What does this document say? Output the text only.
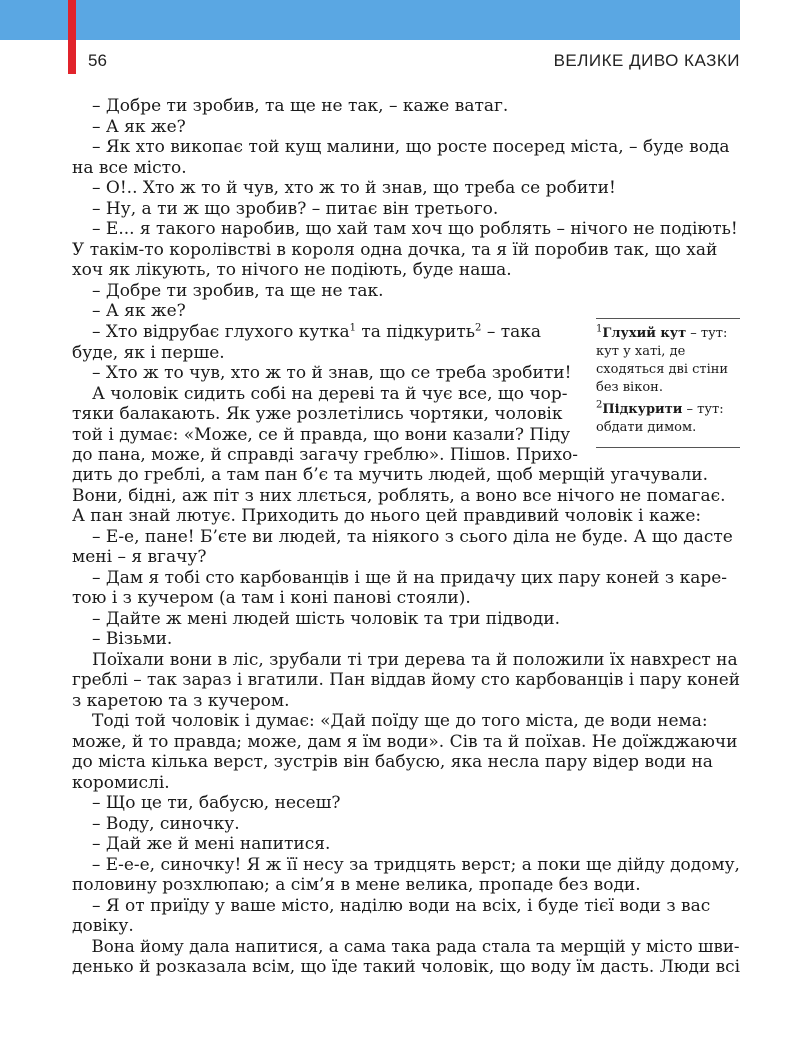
56	ВЕЛИКЕ ДИВО КАЗКИ

– Добре ти зробив, та ще не так, – каже ватаг.

– А як же?

– Як хто викопає той кущ малини, що росте посеред міста, – буде вода

на все місто.

– О!.. Хто ж то й чув, хто ж то й знав, що треба се робити!

– Ну, а ти ж що зробив? – питає він третього.

– Е... я такого наробив, що хай там хоч що роблять – нічого не подіють!

У такім-то королівстві в короля одна дочка, та я їй поробив так, що хай

хоч як лікують, то нічого не подіють, буде наша.

– Добре ти зробив, та ще не так.

– А як же?

– Хто відрубає глухого кутка$^1$ та підкурить$^2$ – така

буде, як і перше.

– Хто ж то чув, хто ж то й знав, що се треба зробити!

А чоловік сидить собі на дереві та й чує все, що чор-

тяки балакають. Як уже розлетілись чортяки, чоловік

той і думає: «Може, се й правда, що вони казали? Піду

до пана, може, й справді загачу греблю». Пішов. Прихо-

дить до греблі, а там пан б’є та мучить людей, щоб мерщій угачували.

Вони, бідні, аж піт з них ллється, роблять, а воно все нічого не помагає.

А пан знай лютує. Приходить до нього цей правдивий чоловік і каже:

– Е-е, пане! Б’єте ви людей, та ніякого з сього діла не буде. А що дасте

мені – я вгачу?

– Дам я тобі сто карбованців і ще й на придачу цих пару коней з каре-

тою і з кучером (а там і коні панові стояли).

– Дайте ж мені людей шість чоловік та три підводи.

– Візьми.

Поїхали вони в ліс, зрубали ті три дерева та й положили їх навхрест на

греблі – так зараз і вгатили. Пан віддав йому сто карбованців і пару коней

з каретою та з кучером.

Тоді той чоловік і думає: «Дай поїду ще до того міста, де води нема:

може, й то правда; може, дам я їм води». Сів та й поїхав. Не доїжджаючи

до міста кілька верст, зустрів він бабусю, яка несла пару відер води на

коромислі.

– Що це ти, бабусю, несеш?

– Воду, синочку.

– Дай же й мені напитися.

– Е-е-е, синочку! Я ж її несу за тридцять верст; а поки ще дійду додому,

половину розхлюпаю; а сім’я в мене велика, пропаде без води.

– Я от приїду у ваше місто, наділю води на всіх, і буде тієї води з вас

довіку.

Вона йому дала напитися, а сама така рада стала та мерщій у місто шви-

денько й розказала всім, що їде такий чоловік, що воду їм дасть. Люди всі

$^1$Глухий кут – тут:
кут у хаті, де
сходяться дві стіни
без вікон.

$^2$Підкурити – тут:
обдати димом.
